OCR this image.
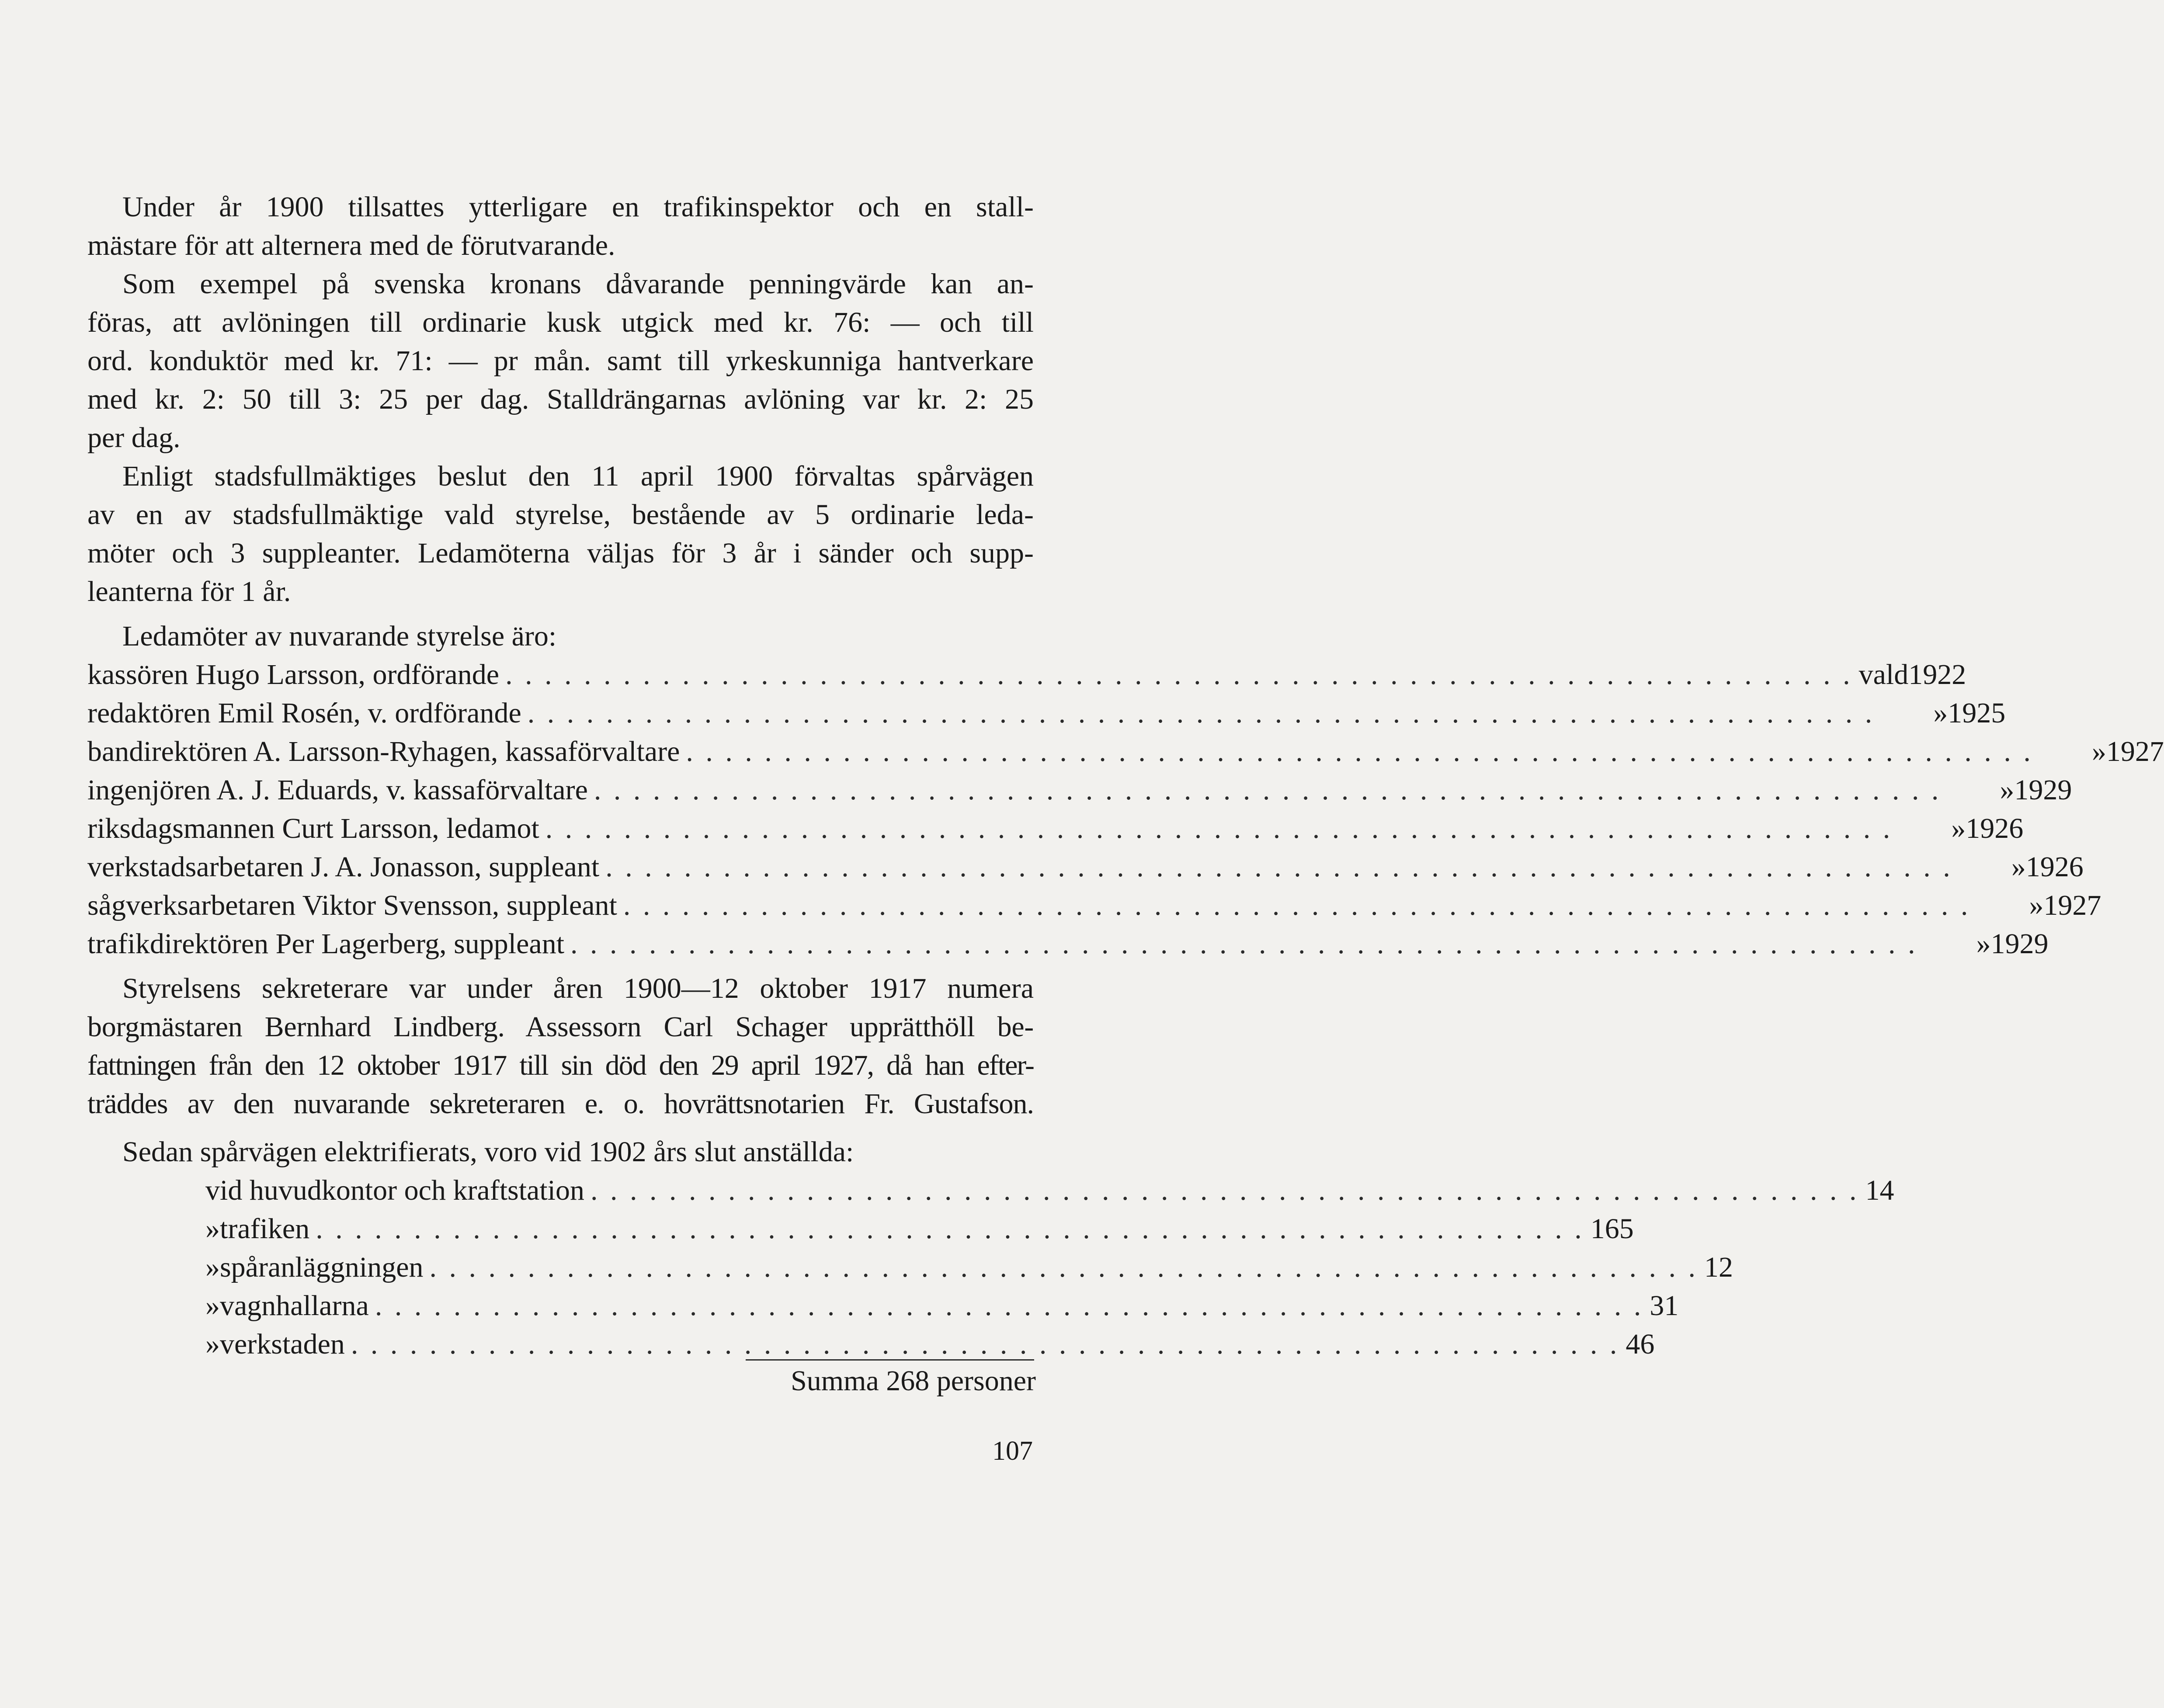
Under år 1900 tillsattes ytterligare en trafikinspektor och en stall-
mästare för att alternera med de förutvarande.
Som exempel på svenska kronans dåvarande penningvärde kan an-
föras, att avlöningen till ordinarie kusk utgick med kr. 76: — och till
ord. konduktör med kr. 71: — pr mån. samt till yrkeskunniga hantverkare
med kr. 2: 50 till 3: 25 per dag. Stalldrängarnas avlöning var kr. 2: 25
per dag.
Enligt stadsfullmäktiges beslut den 11 april 1900 förvaltas spårvägen
av en av stadsfullmäktige vald styrelse, bestående av 5 ordinarie leda-
möter och 3 suppleanter. Ledamöterna väljas för 3 år i sänder och supp-
leanterna för 1 år.
Ledamöter av nuvarande styrelse äro:
kassören Hugo Larsson, ordförande . . . . . . . . . . . . . . . . . . . . . . . . . . . . . . . . . . . . . . . . . . . . . . . . . . . . . . . . . . . . . . . . . . . . . vald 1922
redaktören Emil Rosén, v. ordförande . . . . . . . . . . . . . . . . . . . . . . . . . . . . . . . . . . . . . . . . . . . . . . . . . . . . . . . . . . . . . . . . . . . . . » 1925
bandirektören A. Larsson-Ryhagen, kassaförvaltare . . . . . . . . . . . . . . . . . . . . . . . . . . . . . . . . . . . . . . . . . . . . . . . . . . . . . . . . . . . . . . . . . . . . . » 1927
ingenjören A. J. Eduards, v. kassaförvaltare . . . . . . . . . . . . . . . . . . . . . . . . . . . . . . . . . . . . . . . . . . . . . . . . . . . . . . . . . . . . . . . . . . . . . » 1929
riksdagsmannen Curt Larsson, ledamot . . . . . . . . . . . . . . . . . . . . . . . . . . . . . . . . . . . . . . . . . . . . . . . . . . . . . . . . . . . . . . . . . . . . . » 1926
verkstadsarbetaren J. A. Jonasson, suppleant . . . . . . . . . . . . . . . . . . . . . . . . . . . . . . . . . . . . . . . . . . . . . . . . . . . . . . . . . . . . . . . . . . . . . » 1926
sågverksarbetaren Viktor Svensson, suppleant . . . . . . . . . . . . . . . . . . . . . . . . . . . . . . . . . . . . . . . . . . . . . . . . . . . . . . . . . . . . . . . . . . . . . » 1927
trafikdirektören Per Lagerberg, suppleant . . . . . . . . . . . . . . . . . . . . . . . . . . . . . . . . . . . . . . . . . . . . . . . . . . . . . . . . . . . . . . . . . . . . . » 1929
Styrelsens sekreterare var under åren 1900—12 oktober 1917 numera
borgmästaren Bernhard Lindberg. Assessorn Carl Schager upprätthöll be-
fattningen från den 12 oktober 1917 till sin död den 29 april 1927, då han efter-
träddes av den nuvarande sekreteraren e. o. hovrättsnotarien Fr. Gustafson.
Sedan spårvägen elektrifierats, voro vid 1902 års slut anställda:
vid huvudkontor och kraftstation . . . . . . . . . . . . . . . . . . . . . . . . . . . . . . . . . . . . . . . . . . . . . . . . . . . . . . . . . . . . . . . . . 14
» trafiken . . . . . . . . . . . . . . . . . . . . . . . . . . . . . . . . . . . . . . . . . . . . . . . . . . . . . . . . . . . . . . . . . 165
» spåranläggningen . . . . . . . . . . . . . . . . . . . . . . . . . . . . . . . . . . . . . . . . . . . . . . . . . . . . . . . . . . . . . . . . . 12
» vagnhallarna . . . . . . . . . . . . . . . . . . . . . . . . . . . . . . . . . . . . . . . . . . . . . . . . . . . . . . . . . . . . . . . . . 31
» verkstaden . . . . . . . . . . . . . . . . . . . . . . . . . . . . . . . . . . . . . . . . . . . . . . . . . . . . . . . . . . . . . . . . . 46
Summa 268 personer
107
